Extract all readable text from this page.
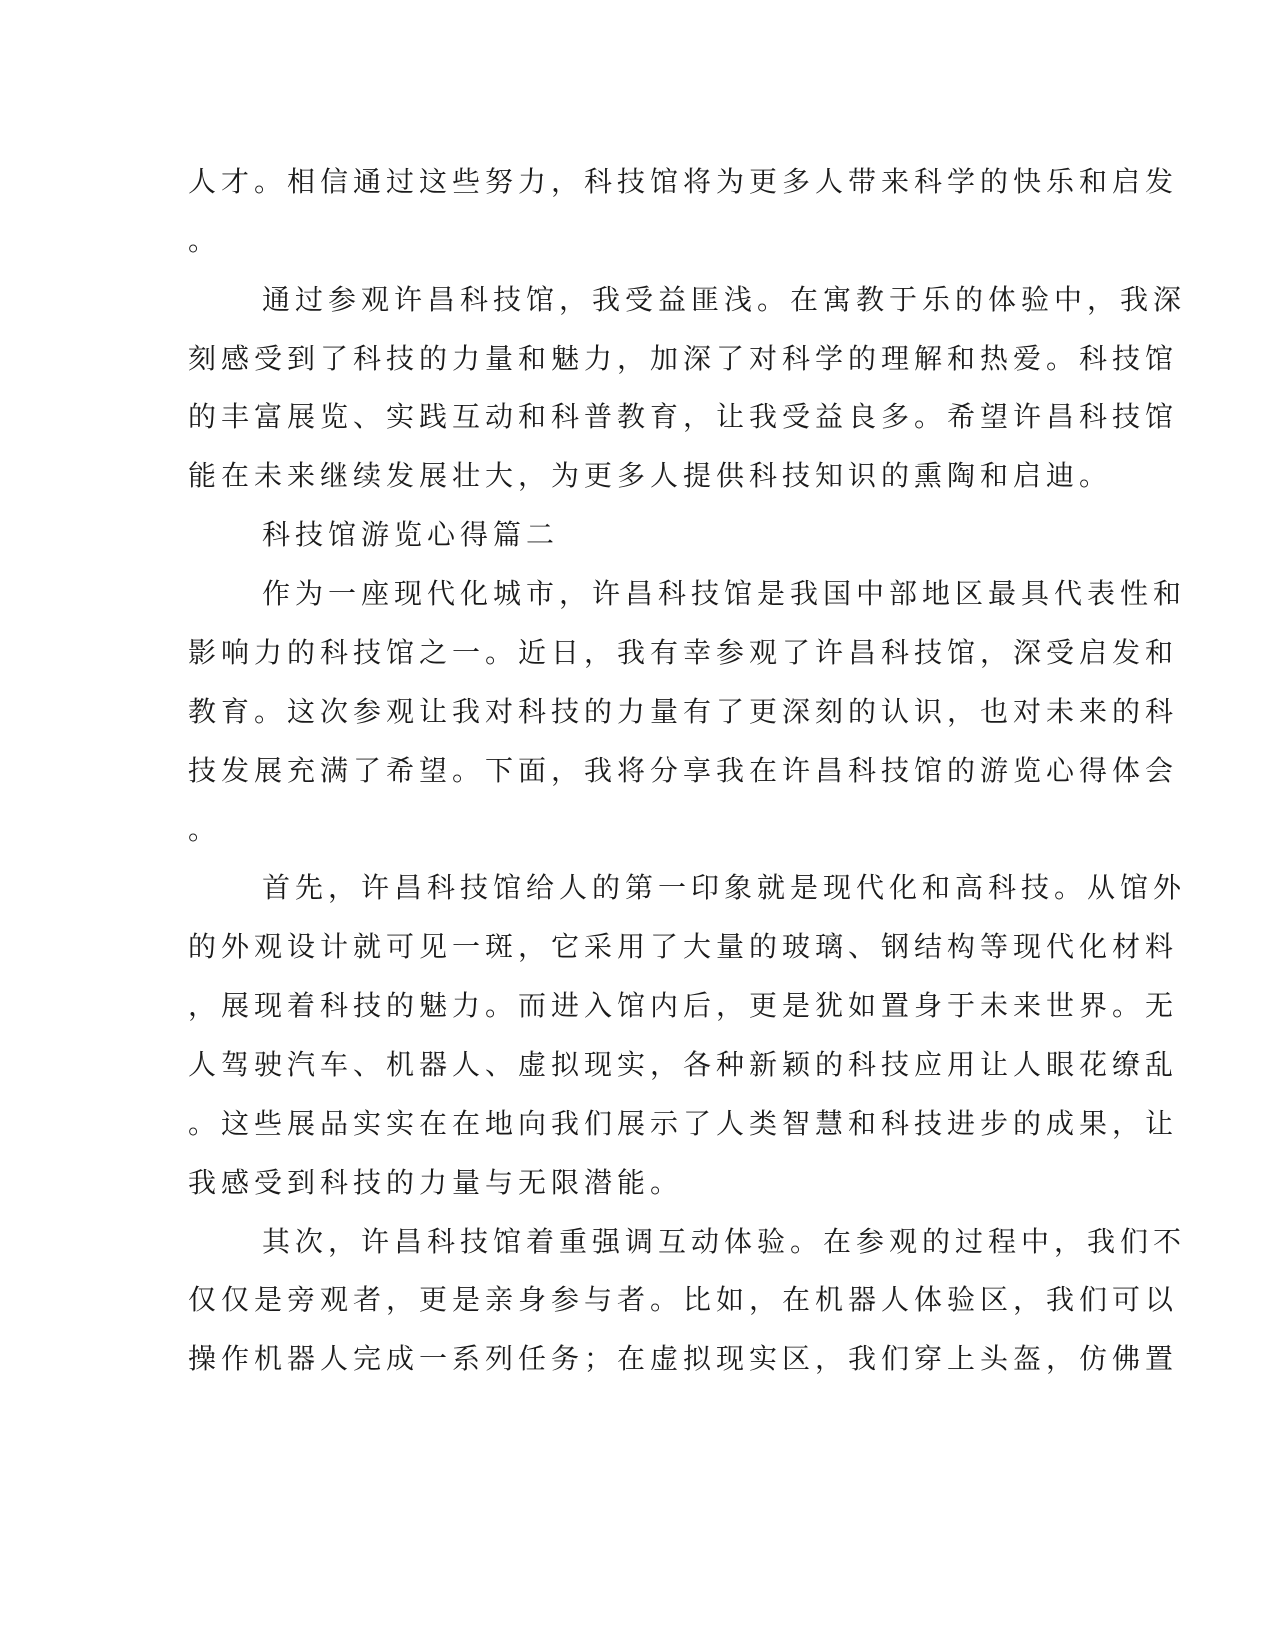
人才。相信通过这些努力，科技馆将为更多人带来科学的快乐和启发
。
通过参观许昌科技馆，我受益匪浅。在寓教于乐的体验中，我深
刻感受到了科技的力量和魅力，加深了对科学的理解和热爱。科技馆
的丰富展览、实践互动和科普教育，让我受益良多。希望许昌科技馆
能在未来继续发展壮大，为更多人提供科技知识的熏陶和启迪。
科技馆游览心得篇二
作为一座现代化城市，许昌科技馆是我国中部地区最具代表性和
影响力的科技馆之一。近日，我有幸参观了许昌科技馆，深受启发和
教育。这次参观让我对科技的力量有了更深刻的认识，也对未来的科
技发展充满了希望。下面，我将分享我在许昌科技馆的游览心得体会
。
首先，许昌科技馆给人的第一印象就是现代化和高科技。从馆外
的外观设计就可见一斑，它采用了大量的玻璃、钢结构等现代化材料
，展现着科技的魅力。而进入馆内后，更是犹如置身于未来世界。无
人驾驶汽车、机器人、虚拟现实，各种新颖的科技应用让人眼花缭乱
。这些展品实实在在地向我们展示了人类智慧和科技进步的成果，让
我感受到科技的力量与无限潜能。
其次，许昌科技馆着重强调互动体验。在参观的过程中，我们不
仅仅是旁观者，更是亲身参与者。比如，在机器人体验区，我们可以
操作机器人完成一系列任务；在虚拟现实区，我们穿上头盔，仿佛置
